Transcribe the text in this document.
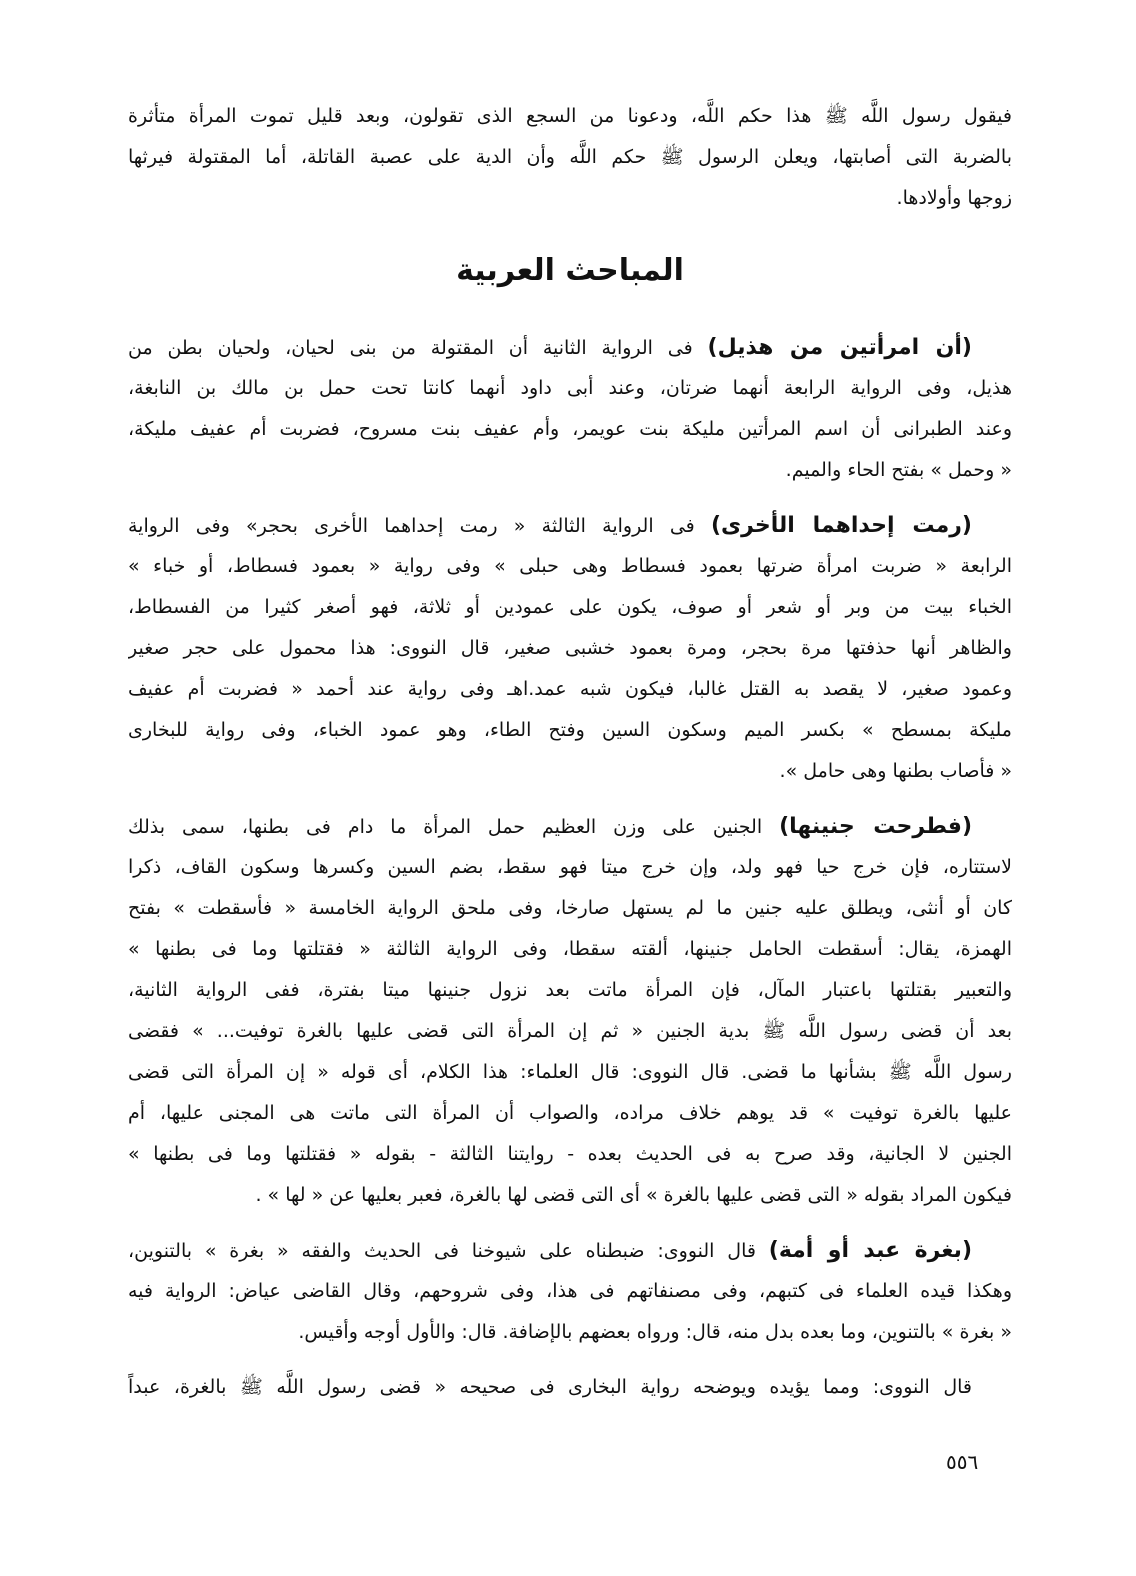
فيقول رسول اللَّه ﷺ هذا حكم اللَّه، ودعونا من السجع الذى تقولون، وبعد قليل تموت المرأة متأثرة
بالضربة التى أصابتها، ويعلن الرسول ﷺ حكم اللَّه وأن الدية على عصبة القاتلة، أما المقتولة فيرثها
زوجها وأولادها.
المباحث العربية
(أن امرأتين من هذيل) فى الرواية الثانية أن المقتولة من بنى لحيان، ولحيان بطن من
هذيل، وفى الرواية الرابعة أنهما ضرتان، وعند أبى داود أنهما كانتا تحت حمل بن مالك بن النابغة،
وعند الطبرانى أن اسم المرأتين مليكة بنت عويمر، وأم عفيف بنت مسروح، فضربت أم عفيف مليكة،
« وحمل » بفتح الحاء والميم.
(رمت إحداهما الأخرى) فى الرواية الثالثة « رمت إحداهما الأخرى بحجر» وفى الرواية
الرابعة « ضربت امرأة ضرتها بعمود فسطاط وهى حبلى » وفى رواية « بعمود فسطاط، أو خباء »
الخباء بيت من وبر أو شعر أو صوف، يكون على عمودين أو ثلاثة، فهو أصغر كثيرا من الفسطاط،
والظاهر أنها حذفتها مرة بحجر، ومرة بعمود خشبى صغير، قال النووى: هذا محمول على حجر صغير
وعمود صغير، لا يقصد به القتل غالبا، فيكون شبه عمد.اهـ وفى رواية عند أحمد « فضربت أم عفيف
مليكة بمسطح » بكسر الميم وسكون السين وفتح الطاء، وهو عمود الخباء، وفى رواية للبخارى
« فأصاب بطنها وهى حامل ».
(فطرحت جنينها) الجنين على وزن العظيم حمل المرأة ما دام فى بطنها، سمى بذلك
لاستتاره، فإن خرج حيا فهو ولد، وإن خرج ميتا فهو سقط، بضم السين وكسرها وسكون القاف، ذكرا
كان أو أنثى، ويطلق عليه جنين ما لم يستهل صارخا، وفى ملحق الرواية الخامسة « فأسقطت » بفتح
الهمزة، يقال: أسقطت الحامل جنينها، ألقته سقطا، وفى الرواية الثالثة « فقتلتها وما فى بطنها »
والتعبير بقتلتها باعتبار المآل، فإن المرأة ماتت بعد نزول جنينها ميتا بفترة، ففى الرواية الثانية،
بعد أن قضى رسول اللَّه ﷺ بدية الجنين « ثم إن المرأة التى قضى عليها بالغرة توفيت... » فقضى
رسول اللَّه ﷺ بشأنها ما قضى. قال النووى: قال العلماء: هذا الكلام، أى قوله « إن المرأة التى قضى
عليها بالغرة توفيت » قد يوهم خلاف مراده، والصواب أن المرأة التى ماتت هى المجنى عليها، أم
الجنين لا الجانية، وقد صرح به فى الحديث بعده - روايتنا الثالثة - بقوله « فقتلتها وما فى بطنها »
فيكون المراد بقوله « التى قضى عليها بالغرة » أى التى قضى لها بالغرة، فعبر بعليها عن « لها » .
(بغرة عبد أو أمة) قال النووى: ضبطناه على شيوخنا فى الحديث والفقه « بغرة » بالتنوين،
وهكذا قيده العلماء فى كتبهم، وفى مصنفاتهم فى هذا، وفى شروحهم، وقال القاضى عياض: الرواية فيه
« بغرة » بالتنوين، وما بعده بدل منه، قال: ورواه بعضهم بالإضافة. قال: والأول أوجه وأقيس.
قال النووى: ومما يؤيده ويوضحه رواية البخارى فى صحيحه « قضى رسول اللَّه ﷺ بالغرة، عبداً
٥٥٦
